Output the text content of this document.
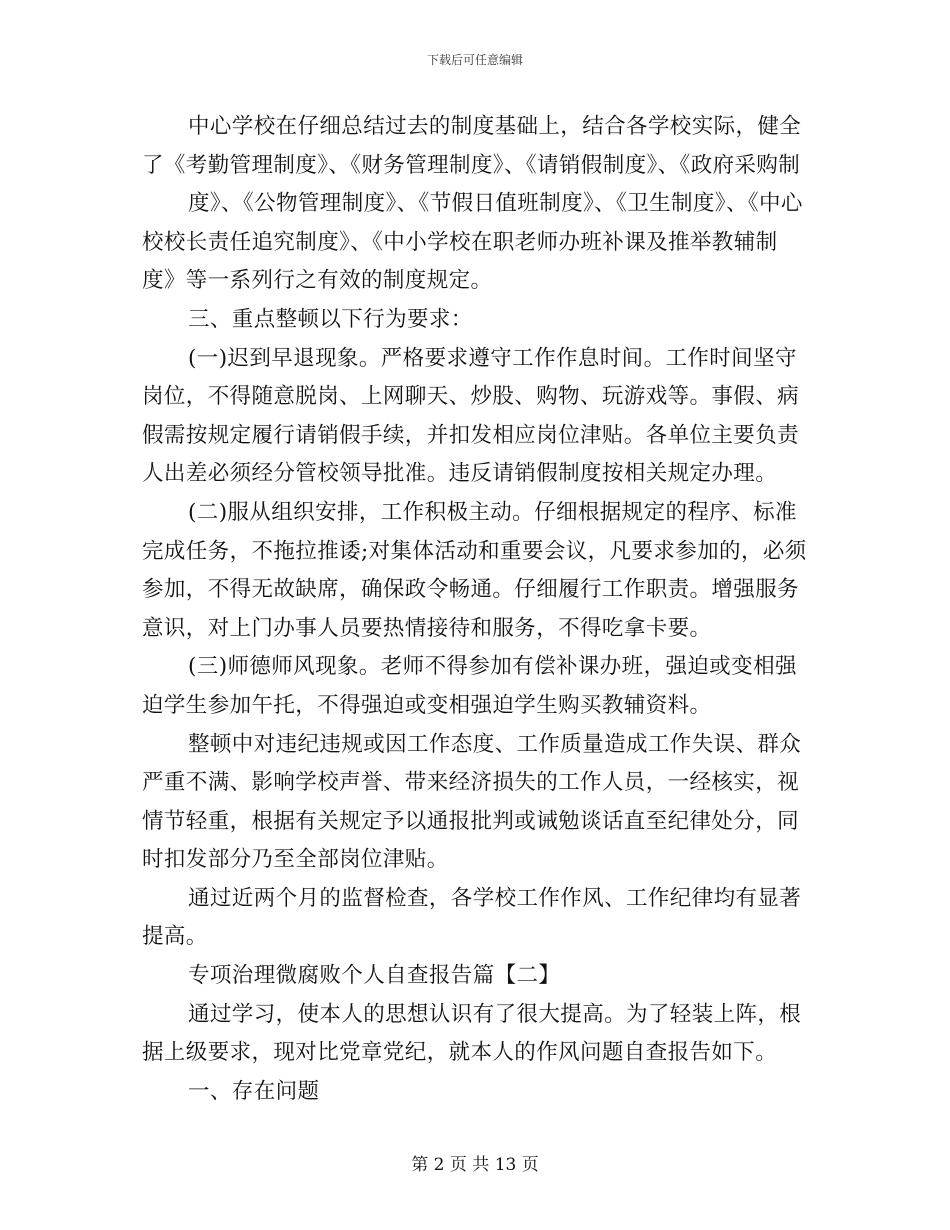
下载后可任意编辑

中心学校在仔细总结过去的制度基础上，结合各学校实际，健全了《考勤管理制度》、《财务管理制度》、《请销假制度》、《政府采购制

度》、《公物管理制度》、《节假日值班制度》、《卫生制度》、《中心校校长责任追究制度》、《中小学校在职老师办班补课及推举教辅制度》等一系列行之有效的制度规定。

三、重点整顿以下行为要求：

(一)迟到早退现象。严格要求遵守工作作息时间。工作时间坚守岗位，不得随意脱岗、上网聊天、炒股、购物、玩游戏等。事假、病假需按规定履行请销假手续，并扣发相应岗位津贴。各单位主要负责人出差必须经分管校领导批准。违反请销假制度按相关规定办理。

(二)服从组织安排，工作积极主动。仔细根据规定的程序、标准完成任务，不拖拉推诿;对集体活动和重要会议，凡要求参加的，必须参加，不得无故缺席，确保政令畅通。仔细履行工作职责。增强服务意识，对上门办事人员要热情接待和服务，不得吃拿卡要。

(三)师德师风现象。老师不得参加有偿补课办班，强迫或变相强迫学生参加午托，不得强迫或变相强迫学生购买教辅资料。

整顿中对违纪违规或因工作态度、工作质量造成工作失误、群众严重不满、影响学校声誉、带来经济损失的工作人员，一经核实，视情节轻重，根据有关规定予以通报批判或诫勉谈话直至纪律处分，同时扣发部分乃至全部岗位津贴。

通过近两个月的监督检查，各学校工作作风、工作纪律均有显著提高。

专项治理微腐败个人自查报告篇【二】

通过学习，使本人的思想认识有了很大提高。为了轻装上阵，根据上级要求，现对比党章党纪，就本人的作风问题自查报告如下。

一、存在问题

第 2 页 共 13 页
